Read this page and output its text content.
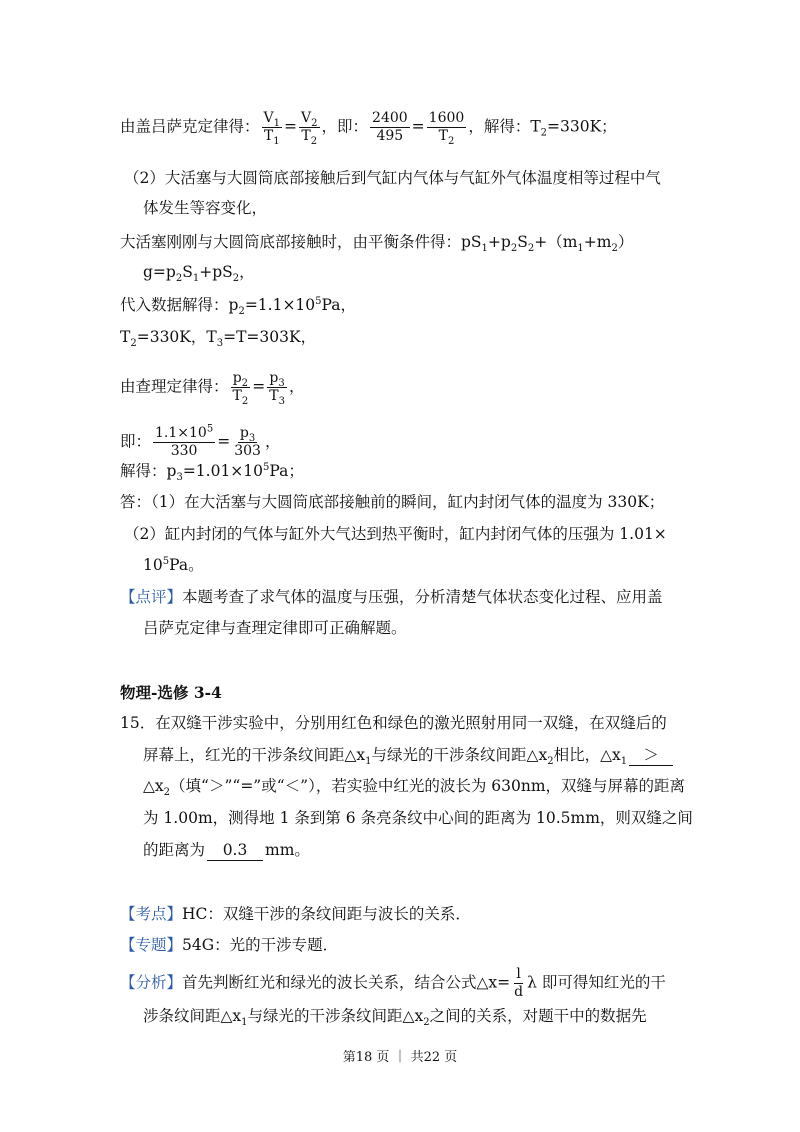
由盖吕萨克定律得： $\frac{V_1}{T_1} = \frac{V_2}{T_2}$ ，即： $\frac{2400}{495} = \frac{1600}{T_2}$ ，解得：$T_2=330K$；
（2）大活塞与大圆筒底部接触后到气缸内气体与气缸外气体温度相等过程中气
体发生等容变化，
大活塞刚刚与大圆筒底部接触时，由平衡条件得：$pS_1+p_2S_2+(m_1+m_2)$
$g=p_2S_1+pS_2$，
代入数据解得：$p_2=1.1\times 10^5Pa$，
$T_2=330K$，$T_3=T=303K$，
由查理定律得： $\frac{p_2}{T_2} = \frac{p_3}{T_3}$ ，
即： $\frac{1.1\times 10^5}{330} = \frac{p_3}{303}$ ，
解得：$p_3=1.01\times 10^5Pa$；
答：（1）在大活塞与大圆筒底部接触前的瞬间，缸内封闭气体的温度为 330K；
（2）缸内封闭的气体与缸外大气达到热平衡时，缸内封闭气体的压强为 1.01×
$10^5Pa$。
【点评】本题考查了求气体的温度与压强，分析清楚气体状态变化过程、应用盖
吕萨克定律与查理定律即可正确解题。
物理-选修 3-4
15．在双缝干涉实验中，分别用红色和绿色的激光照射用同一双缝，在双缝后的
屏幕上，红光的干涉条纹间距$\triangle x_1$与绿光的干涉条纹间距$\triangle x_2$相比，$\triangle x_1$ ＞
$\triangle x_2$（填“＞”“=”或“＜”），若实验中红光的波长为 630nm，双缝与屏幕的距离
为 1.00m，测得地 1 条到第 6 条亮条纹中心间的距离为 10.5mm，则双缝之间
的距离为 0.3 mm。
【考点】HC：双缝干涉的条纹间距与波长的关系．
【专题】54G：光的干涉专题．
【分析】首先判断红光和绿光的波长关系，结合公式△x= $\frac{l}{d}$ λ 即可得知红光的干
涉条纹间距$\triangle x_1$与绿光的干涉条纹间距$\triangle x_2$之间的关系，对题干中的数据先
第18 页 ｜ 共22 页
